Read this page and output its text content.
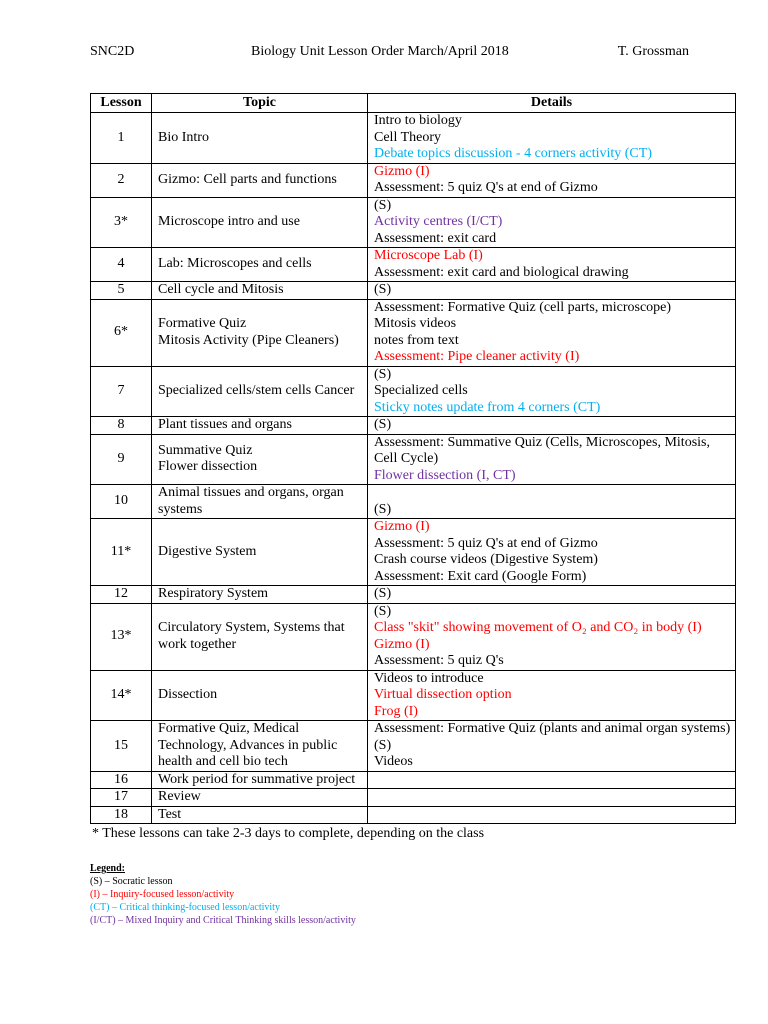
SNC2D	Biology Unit Lesson Order March/April 2018	T. Grossman
Lesson	Topic	Details
1	Bio Intro	Intro to biology
Cell Theory
Debate topics discussion - 4 corners activity (CT)

2	Gizmo: Cell parts and functions	Gizmo (I)
Assessment: 5 quiz Q's at end of Gizmo

3*	Microscope intro and use	(S)
Activity centres (I/CT)
Assessment: exit card

4	Lab: Microscopes and cells	Microscope Lab (I)
Assessment: exit card and biological drawing

5	Cell cycle and Mitosis	(S)

6*	Formative Quiz
Mitosis Activity (Pipe Cleaners)	Assessment: Formative Quiz (cell parts, microscope)
Mitosis videos
notes from text
Assessment: Pipe cleaner activity (I)

7	Specialized cells/stem cells Cancer	(S)
Specialized cells
Sticky notes update from 4 corners (CT)

8	Plant tissues and organs	(S)

9	Summative Quiz
Flower dissection	Assessment: Summative Quiz (Cells, Microscopes, Mitosis, Cell Cycle)
Flower dissection (I, CT)

10	Animal tissues and organs, organ systems	(S)

11*	Digestive System	Gizmo (I)
Assessment: 5 quiz Q's at end of Gizmo
Crash course videos (Digestive System)
Assessment: Exit card (Google Form)

12	Respiratory System	(S)

13*	Circulatory System, Systems that work together	(S)
Class "skit" showing movement of O₂ and CO₂ in body (I)
Gizmo (I)
Assessment: 5 quiz Q's

14*	Dissection	Videos to introduce
Virtual dissection option
Frog (I)

15	Formative Quiz, Medical Technology, Advances in public health and cell bio tech	Assessment: Formative Quiz (plants and animal organ systems)
(S)
Videos

16	Work period for summative project	

17	Review	

18	Test	

* These lessons can take 2-3 days to complete, depending on the class
Legend:
(S) – Socratic lesson
(I) – Inquiry-focused lesson/activity
(CT) – Critical thinking-focused lesson/activity
(I/CT) – Mixed Inquiry and Critical Thinking skills lesson/activity
